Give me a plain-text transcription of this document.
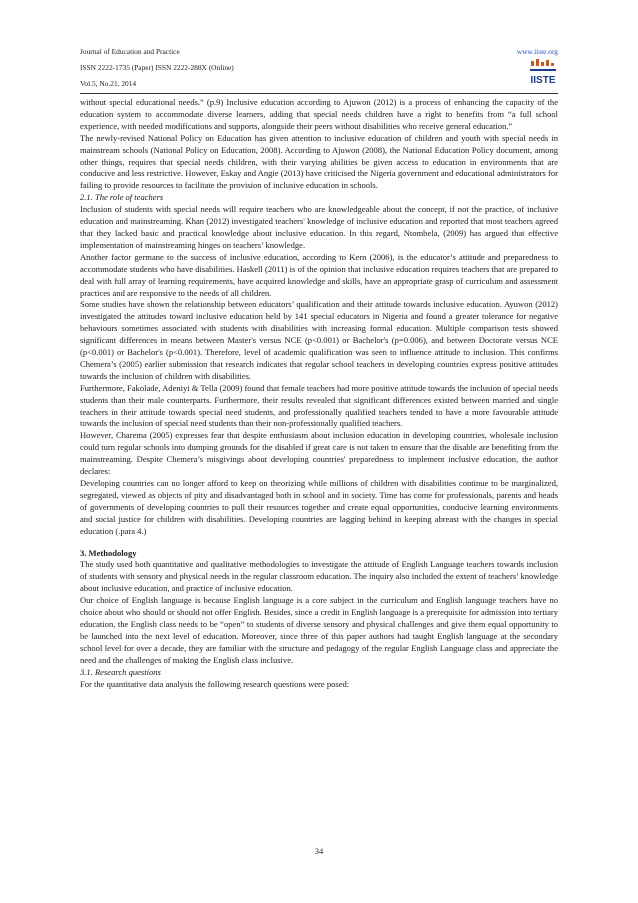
Journal of Education and Practice
ISSN 2222-1735 (Paper) ISSN 2222-288X (Online)
Vol.5, No.21, 2014
www.iiste.org
IISTE

without special educational needs.” (p.9) Inclusive education according to Ajuwon (2012) is a process of enhancing the capacity of the education system to accommodate diverse learners, adding that special needs children have a right to benefits from “a full school experience, with needed modifications and supports, alongside their peers without disabilities who receive general education.”

The newly-revised National Policy on Education has given attention to inclusive education of children and youth with special needs in mainstream schools (National Policy on Education, 2008). According to Ajuwon (2008), the National Education Policy document, among other things, requires that special needs children, with their varying abilities be given access to education in environments that are conducive and less restrictive. However, Eskay and Angie (2013) have criticised the Nigeria government and educational administrators for failing to provide resources to facilitate the provision of inclusive education in schools.

2.1. The role of teachers

Inclusion of students with special needs will require teachers who are knowledgeable about the concept, if not the practice, of inclusive education and mainstreaming. Khan (2012) investigated teachers' knowledge of inclusive education and reported that most teachers agreed that they lacked basic and practical knowledge about inclusive education. In this regard, Ntombela, (2009) has argued that effective implementation of mainstreaming hinges on teachers’ knowledge.

Another factor germane to the success of inclusive education, according to Kern (2006), is the educator’s attitude and preparedness to accommodate students who have disabilities. Haskell (2011) is of the opinion that inclusive education requires teachers that are prepared to deal with full array of learning requirements, have acquired knowledge and skills, have an appropriate grasp of curriculum and assessment practices and are responsive to the needs of all children.

Some studies have shown the relationship between educators’ qualification and their attitude towards inclusive education. Ayuwon (2012) investigated the attitudes toward inclusive education held by 141 special educators in Nigeria and found a greater tolerance for negative behaviours sometimes associated with students with disabilities with increasing formal education. Multiple comparison tests showed significant differences in means between Master's versus NCE (p<0.001) or Bachelor's (p=0.006), and between Doctorate versus NCE (p<0.001) or Bachelor's (p<0.001). Therefore, level of academic qualification was seen to influence attitude to inclusion. This confirms Chemera’s (2005) earlier submission that research indicates that regular school teachers in developing countries express positive attitudes towards the inclusion of children with disabilities.

Furthermore, Fakolade, Adeniyi & Tella (2009) found that female teachers had more positive attitude towards the inclusion of special needs students than their male counterparts. Furthermore, their results revealed that significant differences existed between married and single teachers in their attitude towards special need students, and professionally qualified teachers tended to have a more favourable attitude towards the inclusion of special need students than their non-professionally qualified teachers.

However, Charema (2005) expresses fear that despite enthusiasm about inclusion education in developing countries, wholesale inclusion could turn regular schools into dumping grounds for the disabled if great care is not taken to ensure that the disable are benefiting from the mainstreaming. Despite Chemera’s misgivings about developing countries' preparedness to implement inclusive education, the author declares:

Developing countries can no longer afford to keep on theorizing while millions of children with disabilities continue to be marginalized, segregated, viewed as objects of pity and disadvantaged both in school and in society. Time has come for professionals, parents and heads of governments of developing countries to pull their resources together and create equal opportunities, conducive learning environments and social justice for children with disabilities. Developing countries are lagging behind in keeping abreast with the changes in special education (.para 4.)

3. Methodology

The study used both quantitative and qualitative methodologies to investigate the attitude of English Language teachers towards inclusion of students with sensory and physical needs in the regular classroom education. The inquiry also included the extent of teachers’ knowledge about inclusive education, and practice of inclusive education.

Our choice of English language is because English language is a core subject in the curriculum and English language teachers have no choice about who should or should not offer English. Besides, since a credit in English language is a prerequisite for admission into tertiary education, the English class needs to be “open” to students of diverse sensory and physical challenges and give them equal opportunity to be launched into the next level of education. Moreover, since three of this paper authors had taught English language at the secondary school level for over a decade, they are familiar with the structure and pedagogy of the regular English Language class and appreciate the need and the challenges of making the English class inclusive.

3.1. Research questions

For the quantitative data analysis the following research questions were posed:

34
